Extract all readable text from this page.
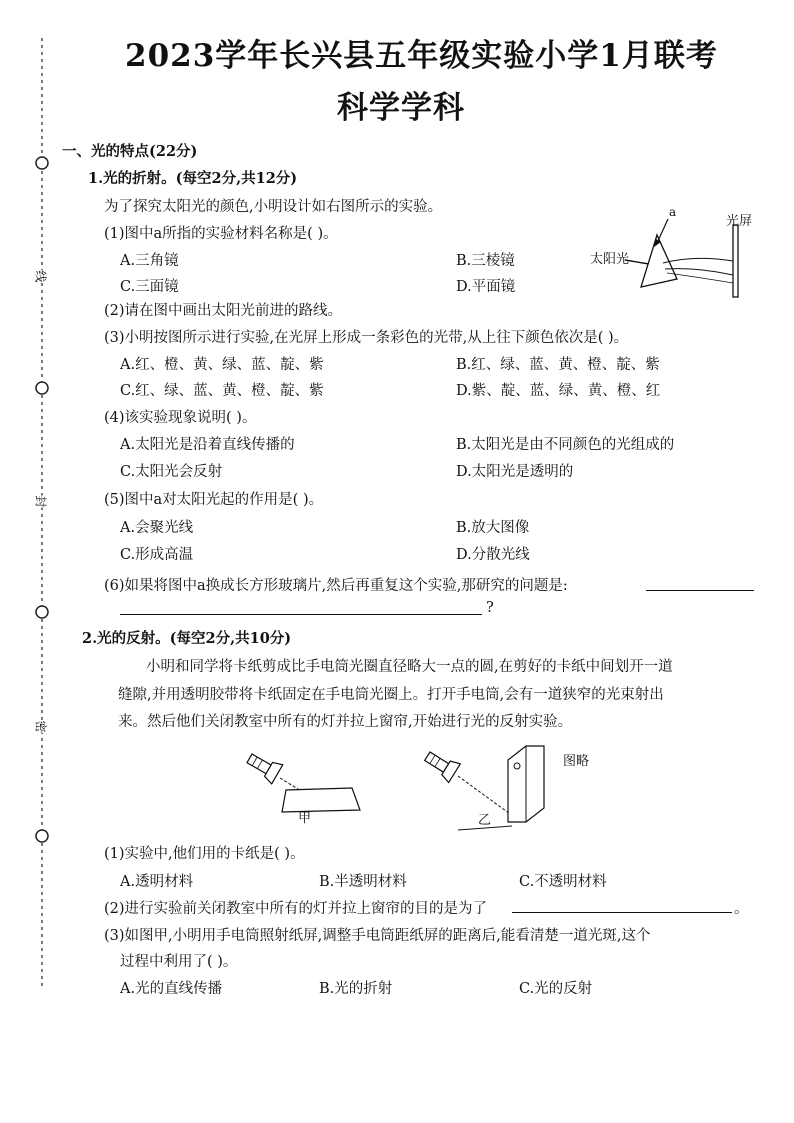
线
封
密
2023学年长兴县五年级实验小学1月联考
科学学科
一、光的特点(22分)
1.光的折射。(每空2分,共12分)
为了探究太阳光的颜色,小明设计如右图所示的实验。
(1)图中a所指的实验材料名称是( )。
A.三角镜	B.三棱镜
C.三面镜	D.平面镜
a
光屏
太阳光
(2)请在图中画出太阳光前进的路线。
(3)小明按图所示进行实验,在光屏上形成一条彩色的光带,从上往下颜色依次是( )。
A.红、橙、黄、绿、蓝、靛、紫	B.红、绿、蓝、黄、橙、靛、紫
C.红、绿、蓝、黄、橙、靛、紫	D.紫、靛、蓝、绿、黄、橙、红
(4)该实验现象说明( )。
A.太阳光是沿着直线传播的	B.太阳光是由不同颜色的光组成的
C.太阳光会反射	D.太阳光是透明的
(5)图中a对太阳光起的作用是( )。
A.会聚光线	B.放大图像
C.形成高温	D.分散光线
(6)如果将图中a换成长方形玻璃片,然后再重复这个实验,那研究的问题是:
?
2.光的反射。(每空2分,共10分)
小明和同学将卡纸剪成比手电筒光圈直径略大一点的圆,在剪好的卡纸中间划开一道
缝隙,并用透明胶带将卡纸固定在手电筒光圈上。打开手电筒,会有一道狭窄的光束射出
来。然后他们关闭教室中所有的灯并拉上窗帘,开始进行光的反射实验。
甲	乙
图略
(1)实验中,他们用的卡纸是( )。
A.透明材料	B.半透明材料	C.不透明材料
(2)进行实验前关闭教室中所有的灯并拉上窗帘的目的是为了	。
(3)如图甲,小明用手电筒照射纸屏,调整手电筒距纸屏的距离后,能看清楚一道光斑,这个
过程中利用了( )。
A.光的直线传播	B.光的折射	C.光的反射
